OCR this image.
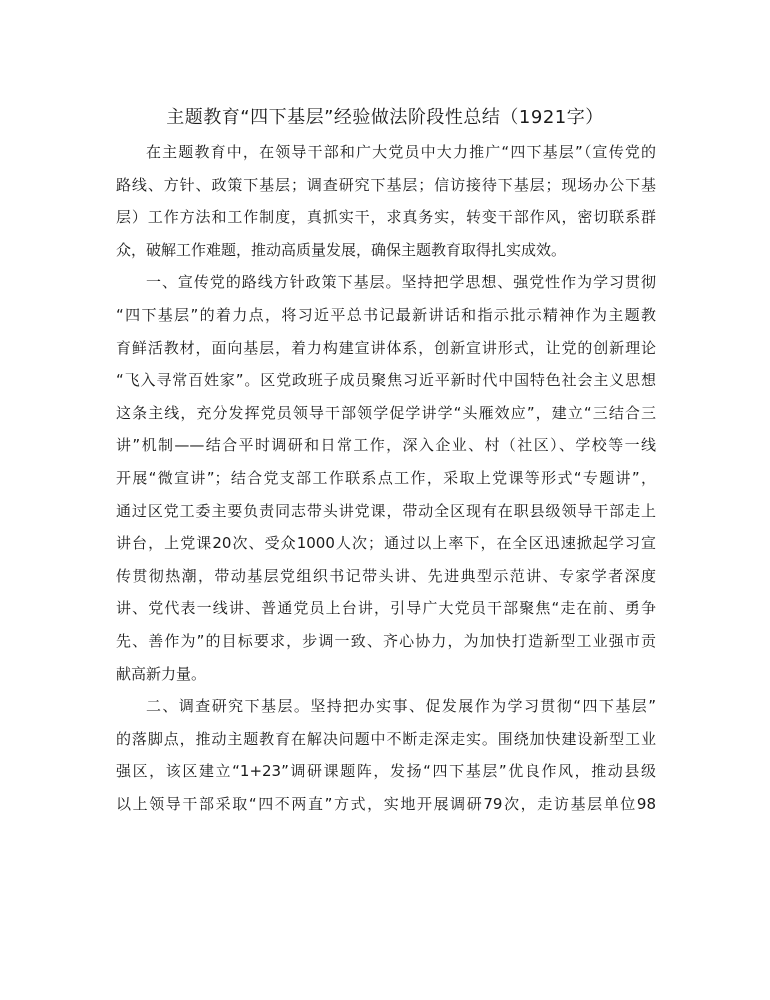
主题教育“四下基层”经验做法阶段性总结（1921字）
在主题教育中，在领导干部和广大党员中大力推广“四下基层”（宣传党的
路线、方针、政策下基层；调查研究下基层；信访接待下基层；现场办公下基
层）工作方法和工作制度，真抓实干，求真务实，转变干部作风，密切联系群
众，破解工作难题，推动高质量发展，确保主题教育取得扎实成效。
一、宣传党的路线方针政策下基层。坚持把学思想、强党性作为学习贯彻
“四下基层”的着力点，将习近平总书记最新讲话和指示批示精神作为主题教
育鲜活教材，面向基层，着力构建宣讲体系，创新宣讲形式，让党的创新理论
“飞入寻常百姓家”。区党政班子成员聚焦习近平新时代中国特色社会主义思想
这条主线，充分发挥党员领导干部领学促学讲学“头雁效应”，建立“三结合三
讲”机制——结合平时调研和日常工作，深入企业、村（社区）、学校等一线
开展“微宣讲”；结合党支部工作联系点工作，采取上党课等形式“专题讲”，
通过区党工委主要负责同志带头讲党课，带动全区现有在职县级领导干部走上
讲台，上党课20次、受众1000人次；通过以上率下，在全区迅速掀起学习宣
传贯彻热潮，带动基层党组织书记带头讲、先进典型示范讲、专家学者深度
讲、党代表一线讲、普通党员上台讲，引导广大党员干部聚焦“走在前、勇争
先、善作为”的目标要求，步调一致、齐心协力，为加快打造新型工业强市贡
献高新力量。
二、调查研究下基层。坚持把办实事、促发展作为学习贯彻“四下基层”
的落脚点，推动主题教育在解决问题中不断走深走实。围绕加快建设新型工业
强区，该区建立“1+23”调研课题阵，发扬“四下基层”优良作风，推动县级
以上领导干部采取“四不两直”方式，实地开展调研79次，走访基层单位98
